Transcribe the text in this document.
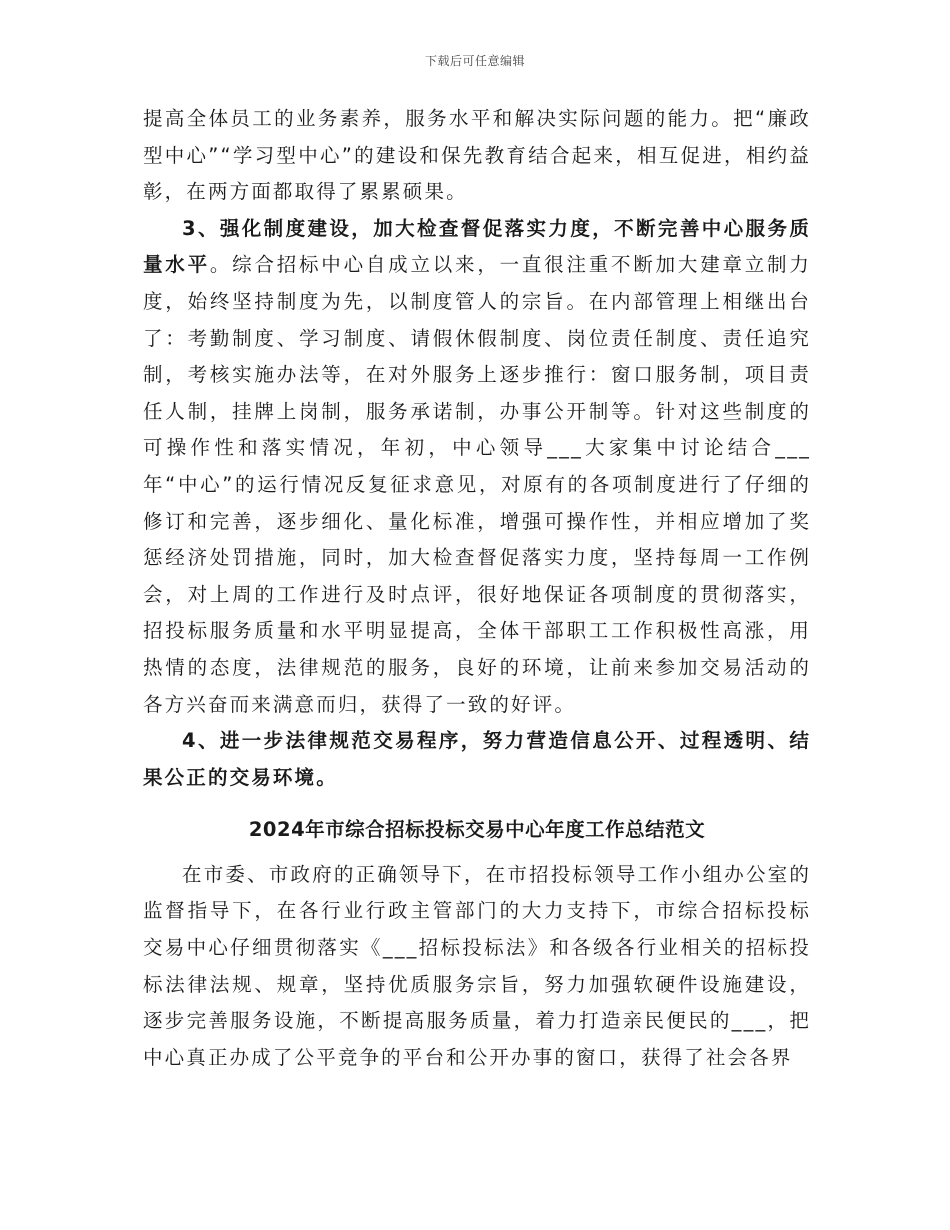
下载后可任意编辑

提高全体员工的业务素养，服务水平和解决实际问题的能力。把“廉政型中心”“学习型中心”的建设和保先教育结合起来，相互促进，相约益彰，在两方面都取得了累累硕果。

3、强化制度建设，加大检查督促落实力度，不断完善中心服务质量水平。综合招标中心自成立以来，一直很注重不断加大建章立制力度，始终坚持制度为先，以制度管人的宗旨。在内部管理上相继出台了：考勤制度、学习制度、请假休假制度、岗位责任制度、责任追究制，考核实施办法等，在对外服务上逐步推行：窗口服务制，项目责任人制，挂牌上岗制，服务承诺制，办事公开制等。针对这些制度的可操作性和落实情况，年初，中心领导___大家集中讨论结合___年“中心”的运行情况反复征求意见，对原有的各项制度进行了仔细的修订和完善，逐步细化、量化标准，增强可操作性，并相应增加了奖惩经济处罚措施，同时，加大检查督促落实力度，坚持每周一工作例会，对上周的工作进行及时点评，很好地保证各项制度的贯彻落实，招投标服务质量和水平明显提高，全体干部职工工作积极性高涨，用热情的态度，法律规范的服务，良好的环境，让前来参加交易活动的各方兴奋而来满意而归，获得了一致的好评。

4、进一步法律规范交易程序，努力营造信息公开、过程透明、结果公正的交易环境。

2024年市综合招标投标交易中心年度工作总结范文

在市委、市政府的正确领导下，在市招投标领导工作小组办公室的监督指导下，在各行业行政主管部门的大力支持下，市综合招标投标交易中心仔细贯彻落实《___招标投标法》和各级各行业相关的招标投标法律法规、规章，坚持优质服务宗旨，努力加强软硬件设施建设，逐步完善服务设施，不断提高服务质量，着力打造亲民便民的___，把中心真正办成了公平竞争的平台和公开办事的窗口，获得了社会各界
